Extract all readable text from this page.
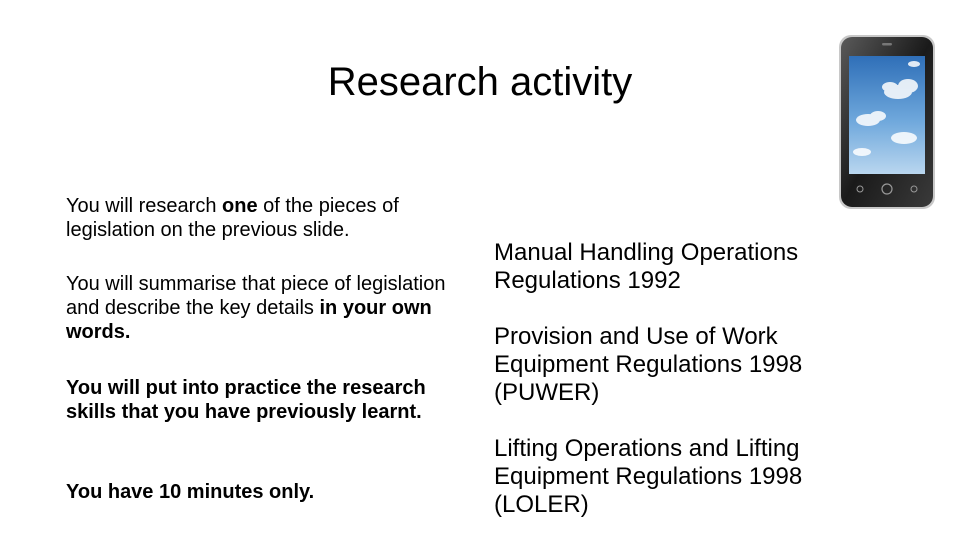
Research activity

You will research one of the pieces of legislation on the previous slide.

You will summarise that piece of legislation and describe the key details in your own words.

You will put into practice the research skills that you have previously learnt.

You have 10 minutes only.

Manual Handling Operations Regulations 1992

Provision and Use of Work Equipment Regulations 1998 (PUWER)

Lifting Operations and Lifting Equipment Regulations 1998 (LOLER)
